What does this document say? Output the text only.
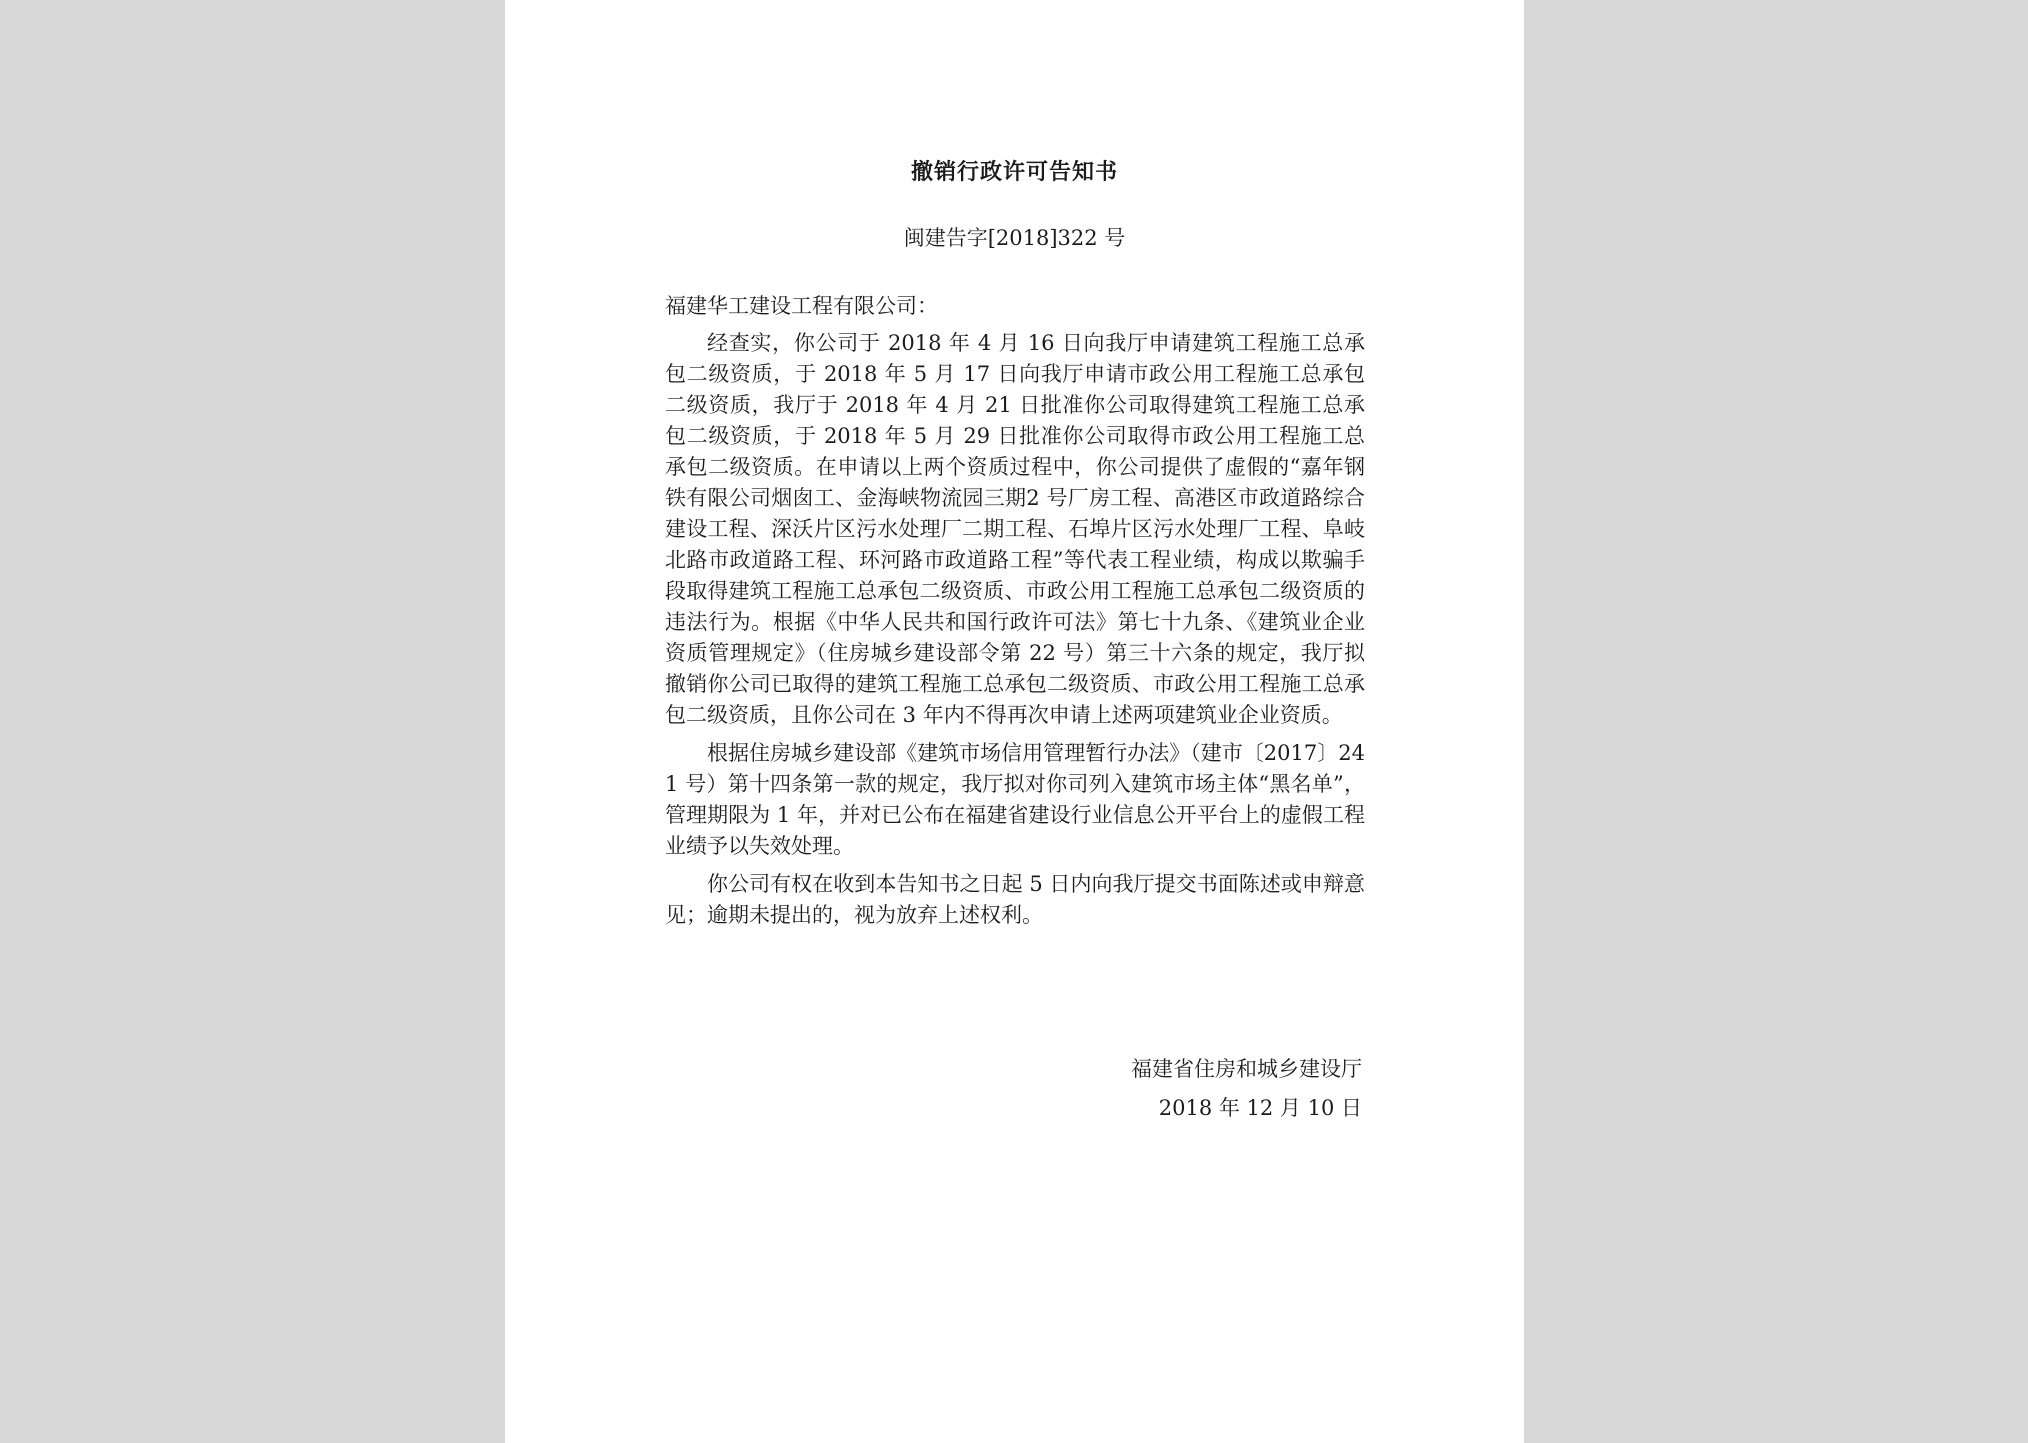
撤销行政许可告知书
闽建告字[2018]322 号
福建华工建设工程有限公司：

经查实，你公司于 2018 年 4 月 16 日向我厅申请建筑工程施工总承包二级资质，于 2018 年 5 月 17 日向我厅申请市政公用工程施工总承包二级资质，我厅于 2018 年 4 月 21 日批准你公司取得建筑工程施工总承包二级资质，于 2018 年 5 月 29 日批准你公司取得市政公用工程施工总承包二级资质。在申请以上两个资质过程中，你公司提供了虚假的“嘉年钢铁有限公司烟囱工、金海峡物流园三期2 号厂房工程、高港区市政道路综合建设工程、深沃片区污水处理厂二期工程、石埠片区污水处理厂工程、阜岐北路市政道路工程、环河路市政道路工程”等代表工程业绩，构成以欺骗手段取得建筑工程施工总承包二级资质、市政公用工程施工总承包二级资质的违法行为。根据《中华人民共和国行政许可法》第七十九条、《建筑业企业资质管理规定》（住房城乡建设部令第 22 号）第三十六条的规定，我厅拟撤销你公司已取得的建筑工程施工总承包二级资质、市政公用工程施工总承包二级资质，且你公司在 3 年内不得再次申请上述两项建筑业企业资质。

根据住房城乡建设部《建筑市场信用管理暂行办法》（建市〔2017〕241 号）第十四条第一款的规定，我厅拟对你司列入建筑市场主体“黑名单”，管理期限为 1 年，并对已公布在福建省建设行业信息公开平台上的虚假工程业绩予以失效处理。

你公司有权在收到本告知书之日起 5 日内向我厅提交书面陈述或申辩意见；逾期未提出的，视为放弃上述权利。

福建省住房和城乡建设厅
2018 年 12 月 10 日
